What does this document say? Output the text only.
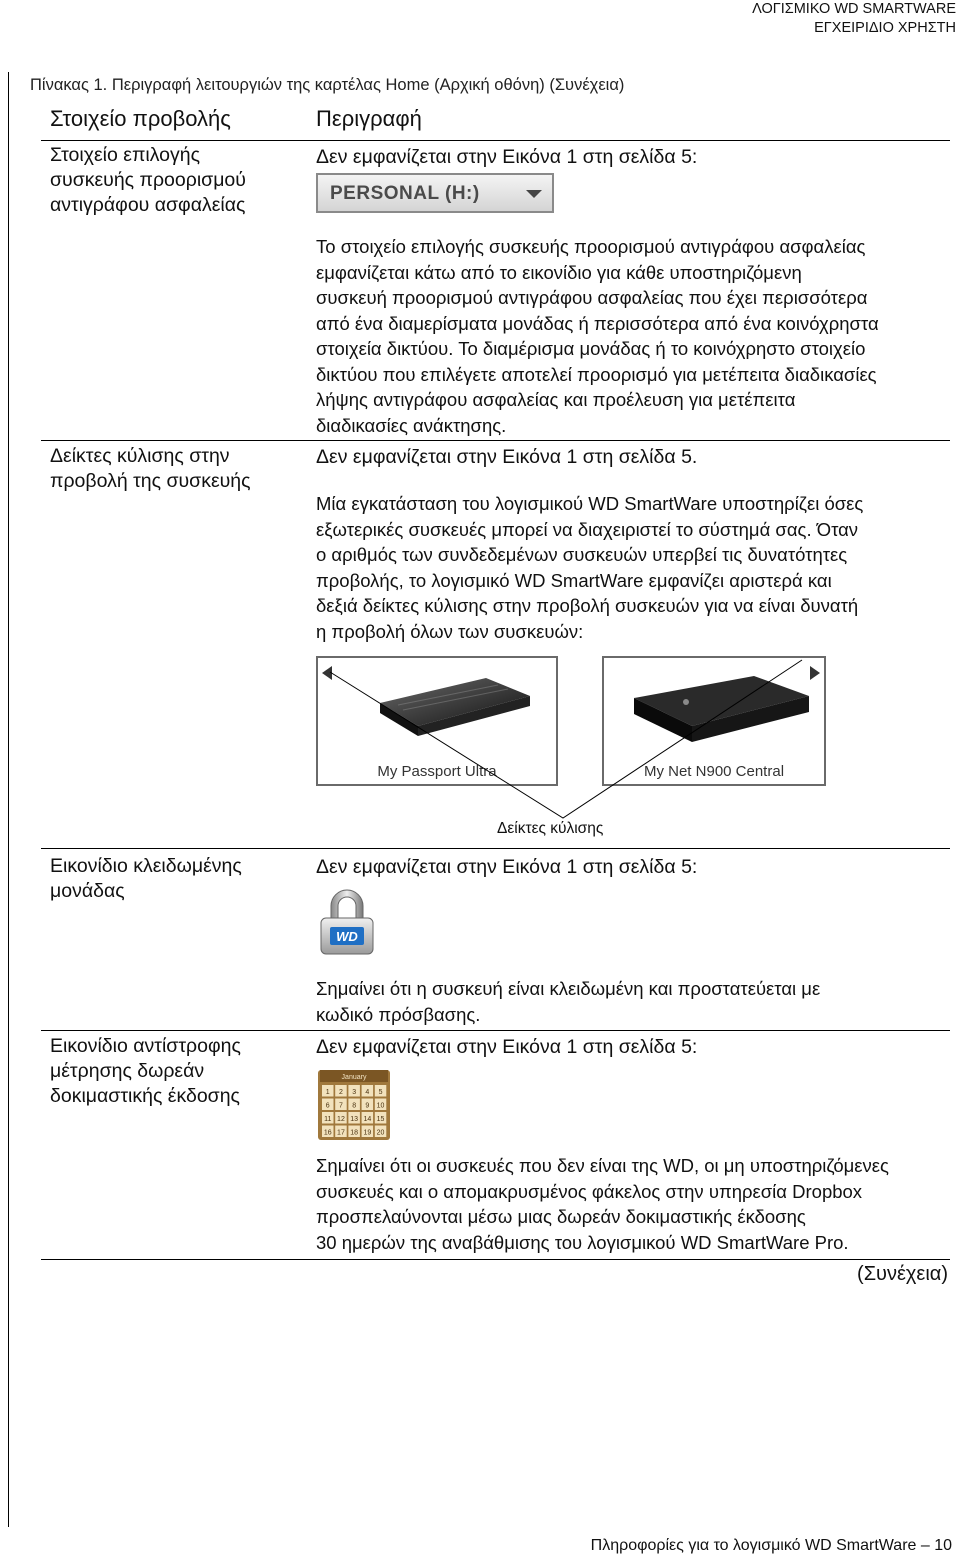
ΛΟΓΙΣΜΙΚΟ WD SMARTWARE
ΕΓΧΕΙΡΙΔΙΟ ΧΡΗΣΤΗ
Πίνακας 1. Περιγραφή λειτουργιών της καρτέλας Home (Αρχική οθόνη) (Συνέχεια)
Στοιχείο προβολής	Περιγραφή
Στοιχείο επιλογής
συσκευής προορισμού
αντιγράφου ασφαλείας
Δεν εμφανίζεται στην Εικόνα 1 στη σελίδα 5:
PERSONAL (H:)
Το στοιχείο επιλογής συσκευής προορισμού αντιγράφου ασφαλείας
εμφανίζεται κάτω από το εικονίδιο για κάθε υποστηριζόμενη
συσκευή προορισμού αντιγράφου ασφαλείας που έχει περισσότερα
από ένα διαμερίσματα μονάδας ή περισσότερα από ένα κοινόχρηστα
στοιχεία δικτύου. Το διαμέρισμα μονάδας ή το κοινόχρηστο στοιχείο
δικτύου που επιλέγετε αποτελεί προορισμό για μετέπειτα διαδικασίες
λήψης αντιγράφου ασφαλείας και προέλευση για μετέπειτα
διαδικασίες ανάκτησης.
Δείκτες κύλισης στην
προβολή της συσκευής
Δεν εμφανίζεται στην Εικόνα 1 στη σελίδα 5.
Μία εγκατάσταση του λογισμικού WD SmartWare υποστηρίζει όσες
εξωτερικές συσκευές μπορεί να διαχειριστεί το σύστημά σας. Όταν
ο αριθμός των συνδεδεμένων συσκευών υπερβεί τις δυνατότητες
προβολής, το λογισμικό WD SmartWare εμφανίζει αριστερά και
δεξιά δείκτες κύλισης στην προβολή συσκευών για να είναι δυνατή
η προβολή όλων των συσκευών:
My Passport Ultra	My Net N900 Central
Δείκτες κύλισης
Εικονίδιο κλειδωμένης
μονάδας
Δεν εμφανίζεται στην Εικόνα 1 στη σελίδα 5:
WD
Σημαίνει ότι η συσκευή είναι κλειδωμένη και προστατεύεται με
κωδικό πρόσβασης.
Εικονίδιο αντίστροφης
μέτρησης δωρεάν
δοκιμαστικής έκδοσης
Δεν εμφανίζεται στην Εικόνα 1 στη σελίδα 5:
January
1 2 3 4 5
6 7 8 9 10
11 12 13 14 15
16 17 18 19 20
Σημαίνει ότι οι συσκευές που δεν είναι της WD, οι μη υποστηριζόμενες
συσκευές και ο απομακρυσμένος φάκελος στην υπηρεσία Dropbox
προσπελαύνονται μέσω μιας δωρεάν δοκιμαστικής έκδοσης
30 ημερών της αναβάθμισης του λογισμικού WD SmartWare Pro.
(Συνέχεια)
Πληροφορίες για το λογισμικό WD SmartWare – 10
